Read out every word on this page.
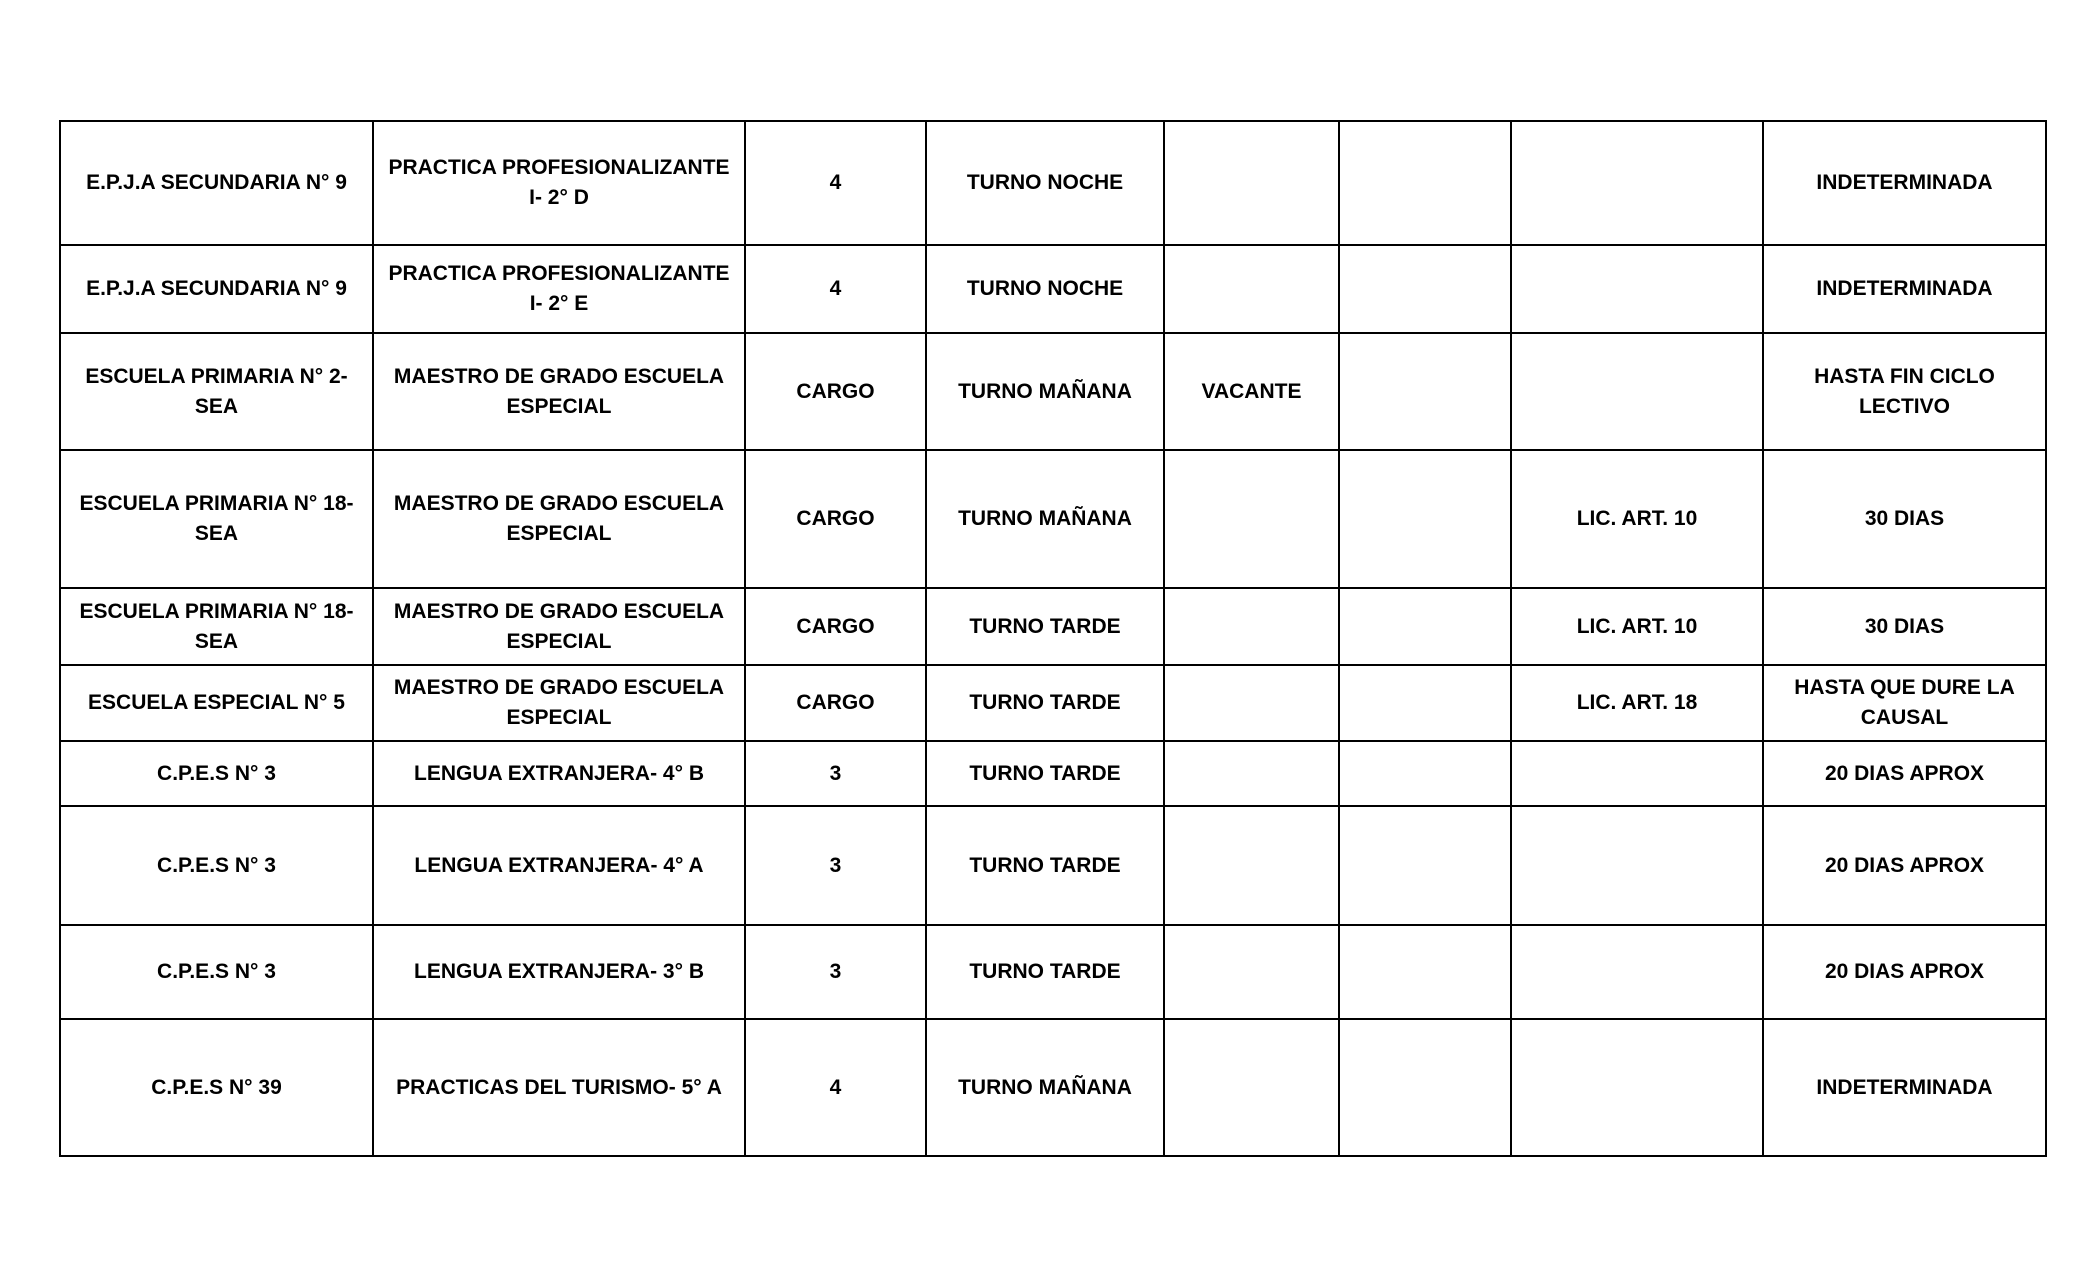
E.P.J.A SECUNDARIA N° 9	PRACTICA PROFESIONALIZANTE I- 2° D	4	TURNO NOCHE				INDETERMINADA
E.P.J.A SECUNDARIA N° 9	PRACTICA PROFESIONALIZANTE I- 2° E	4	TURNO NOCHE				INDETERMINADA
ESCUELA PRIMARIA N° 2- SEA	MAESTRO DE GRADO ESCUELA ESPECIAL	CARGO	TURNO MAÑANA	VACANTE			HASTA FIN CICLO LECTIVO
ESCUELA PRIMARIA N° 18- SEA	MAESTRO DE GRADO ESCUELA ESPECIAL	CARGO	TURNO MAÑANA			LIC. ART. 10	30 DIAS
ESCUELA PRIMARIA N° 18- SEA	MAESTRO DE GRADO ESCUELA ESPECIAL	CARGO	TURNO TARDE			LIC. ART. 10	30 DIAS
ESCUELA ESPECIAL N° 5	MAESTRO DE GRADO ESCUELA ESPECIAL	CARGO	TURNO TARDE			LIC. ART. 18	HASTA QUE DURE LA CAUSAL
C.P.E.S N° 3	LENGUA EXTRANJERA- 4° B	3	TURNO TARDE				20 DIAS APROX
C.P.E.S N° 3	LENGUA EXTRANJERA- 4° A	3	TURNO TARDE				20 DIAS APROX
C.P.E.S N° 3	LENGUA EXTRANJERA- 3° B	3	TURNO TARDE				20 DIAS APROX
C.P.E.S N° 39	PRACTICAS DEL TURISMO- 5° A	4	TURNO MAÑANA				INDETERMINADA
